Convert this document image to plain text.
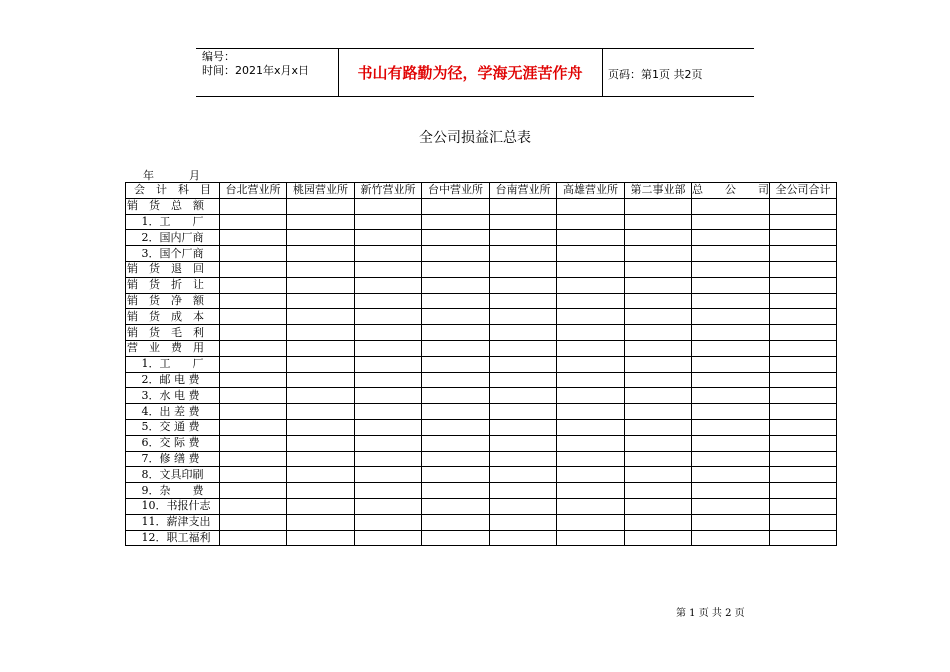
编号：
时间：2021年x月x日	书山有路勤为径，学海无涯苦作舟	页码：第1页 共2页
全公司损益汇总表
年	月
会　计　科　目	台北营业所	桃园营业所	新竹营业所	台中营业所	台南营业所	高雄营业所	第二事业部	总　　公　　司	全公司合计
销　货　总　额									
　 1．工　　厂									
　 2．国内厂商									
　 3．国个厂商									
销　货　退　回									
销　货　折　让									
销　货　净　额									
销　货　成　本									
销　货　毛　利									
营　业　费　用									
　 1．工　　厂									
　 2．邮 电 费									
　 3．水 电 费									
　 4．出 差 费									
　 5．交 通 费									
　 6．交 际 费									
　 7．修 缮 费									
　 8．文具印刷									
　 9．杂　　费									
　 10．书报什志									
　 11．薪津支出									
　 12．职工福利									
第 1 页 共 2 页
